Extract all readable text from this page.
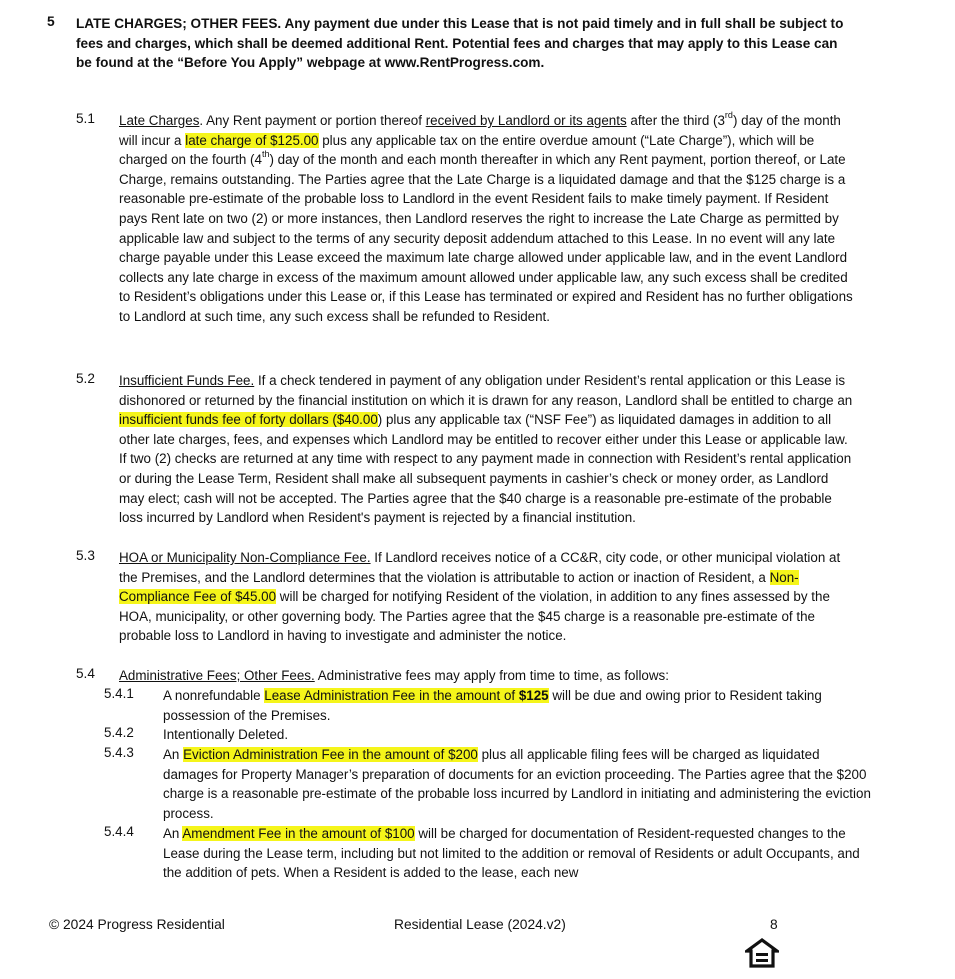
5 LATE CHARGES; OTHER FEES. Any payment due under this Lease that is not paid timely and in full shall be subject to fees and charges, which shall be deemed additional Rent. Potential fees and charges that may apply to this Lease can be found at the “Before You Apply” webpage at www.RentProgress.com.
5.1 Late Charges. Any Rent payment or portion thereof received by Landlord or its agents after the third (3rd) day of the month will incur a late charge of $125.00 plus any applicable tax on the entire overdue amount (“Late Charge”), which will be charged on the fourth (4th) day of the month and each month thereafter in which any Rent payment, portion thereof, or Late Charge, remains outstanding. The Parties agree that the Late Charge is a liquidated damage and that the $125 charge is a reasonable pre-estimate of the probable loss to Landlord in the event Resident fails to make timely payment. If Resident pays Rent late on two (2) or more instances, then Landlord reserves the right to increase the Late Charge as permitted by applicable law and subject to the terms of any security deposit addendum attached to this Lease. In no event will any late charge payable under this Lease exceed the maximum late charge allowed under applicable law, and in the event Landlord collects any late charge in excess of the maximum amount allowed under applicable law, any such excess shall be credited to Resident’s obligations under this Lease or, if this Lease has terminated or expired and Resident has no further obligations to Landlord at such time, any such excess shall be refunded to Resident.
5.2 Insufficient Funds Fee. If a check tendered in payment of any obligation under Resident’s rental application or this Lease is dishonored or returned by the financial institution on which it is drawn for any reason, Landlord shall be entitled to charge an insufficient funds fee of forty dollars ($40.00) plus any applicable tax (“NSF Fee”) as liquidated damages in addition to all other late charges, fees, and expenses which Landlord may be entitled to recover either under this Lease or applicable law. If two (2) checks are returned at any time with respect to any payment made in connection with Resident’s rental application or during the Lease Term, Resident shall make all subsequent payments in cashier’s check or money order, as Landlord may elect; cash will not be accepted. The Parties agree that the $40 charge is a reasonable pre-estimate of the probable loss incurred by Landlord when Resident's payment is rejected by a financial institution.
5.3 HOA or Municipality Non-Compliance Fee. If Landlord receives notice of a CC&R, city code, or other municipal violation at the Premises, and the Landlord determines that the violation is attributable to action or inaction of Resident, a Non-Compliance Fee of $45.00 will be charged for notifying Resident of the violation, in addition to any fines assessed by the HOA, municipality, or other governing body. The Parties agree that the $45 charge is a reasonable pre-estimate of the probable loss to Landlord in having to investigate and administer the notice.
5.4 Administrative Fees; Other Fees. Administrative fees may apply from time to time, as follows:
5.4.1 A nonrefundable Lease Administration Fee in the amount of $125 will be due and owing prior to Resident taking possession of the Premises.
5.4.2 Intentionally Deleted.
5.4.3 An Eviction Administration Fee in the amount of $200 plus all applicable filing fees will be charged as liquidated damages for Property Manager’s preparation of documents for an eviction proceeding. The Parties agree that the $200 charge is a reasonable pre-estimate of the probable loss incurred by Landlord in initiating and administering the eviction process.
5.4.4 An Amendment Fee in the amount of $100 will be charged for documentation of Resident-requested changes to the Lease during the Lease term, including but not limited to the addition or removal of Residents or adult Occupants, and the addition of pets. When a Resident is added to the lease, each new
© 2024 Progress Residential	Residential Lease (2024.v2)	8
